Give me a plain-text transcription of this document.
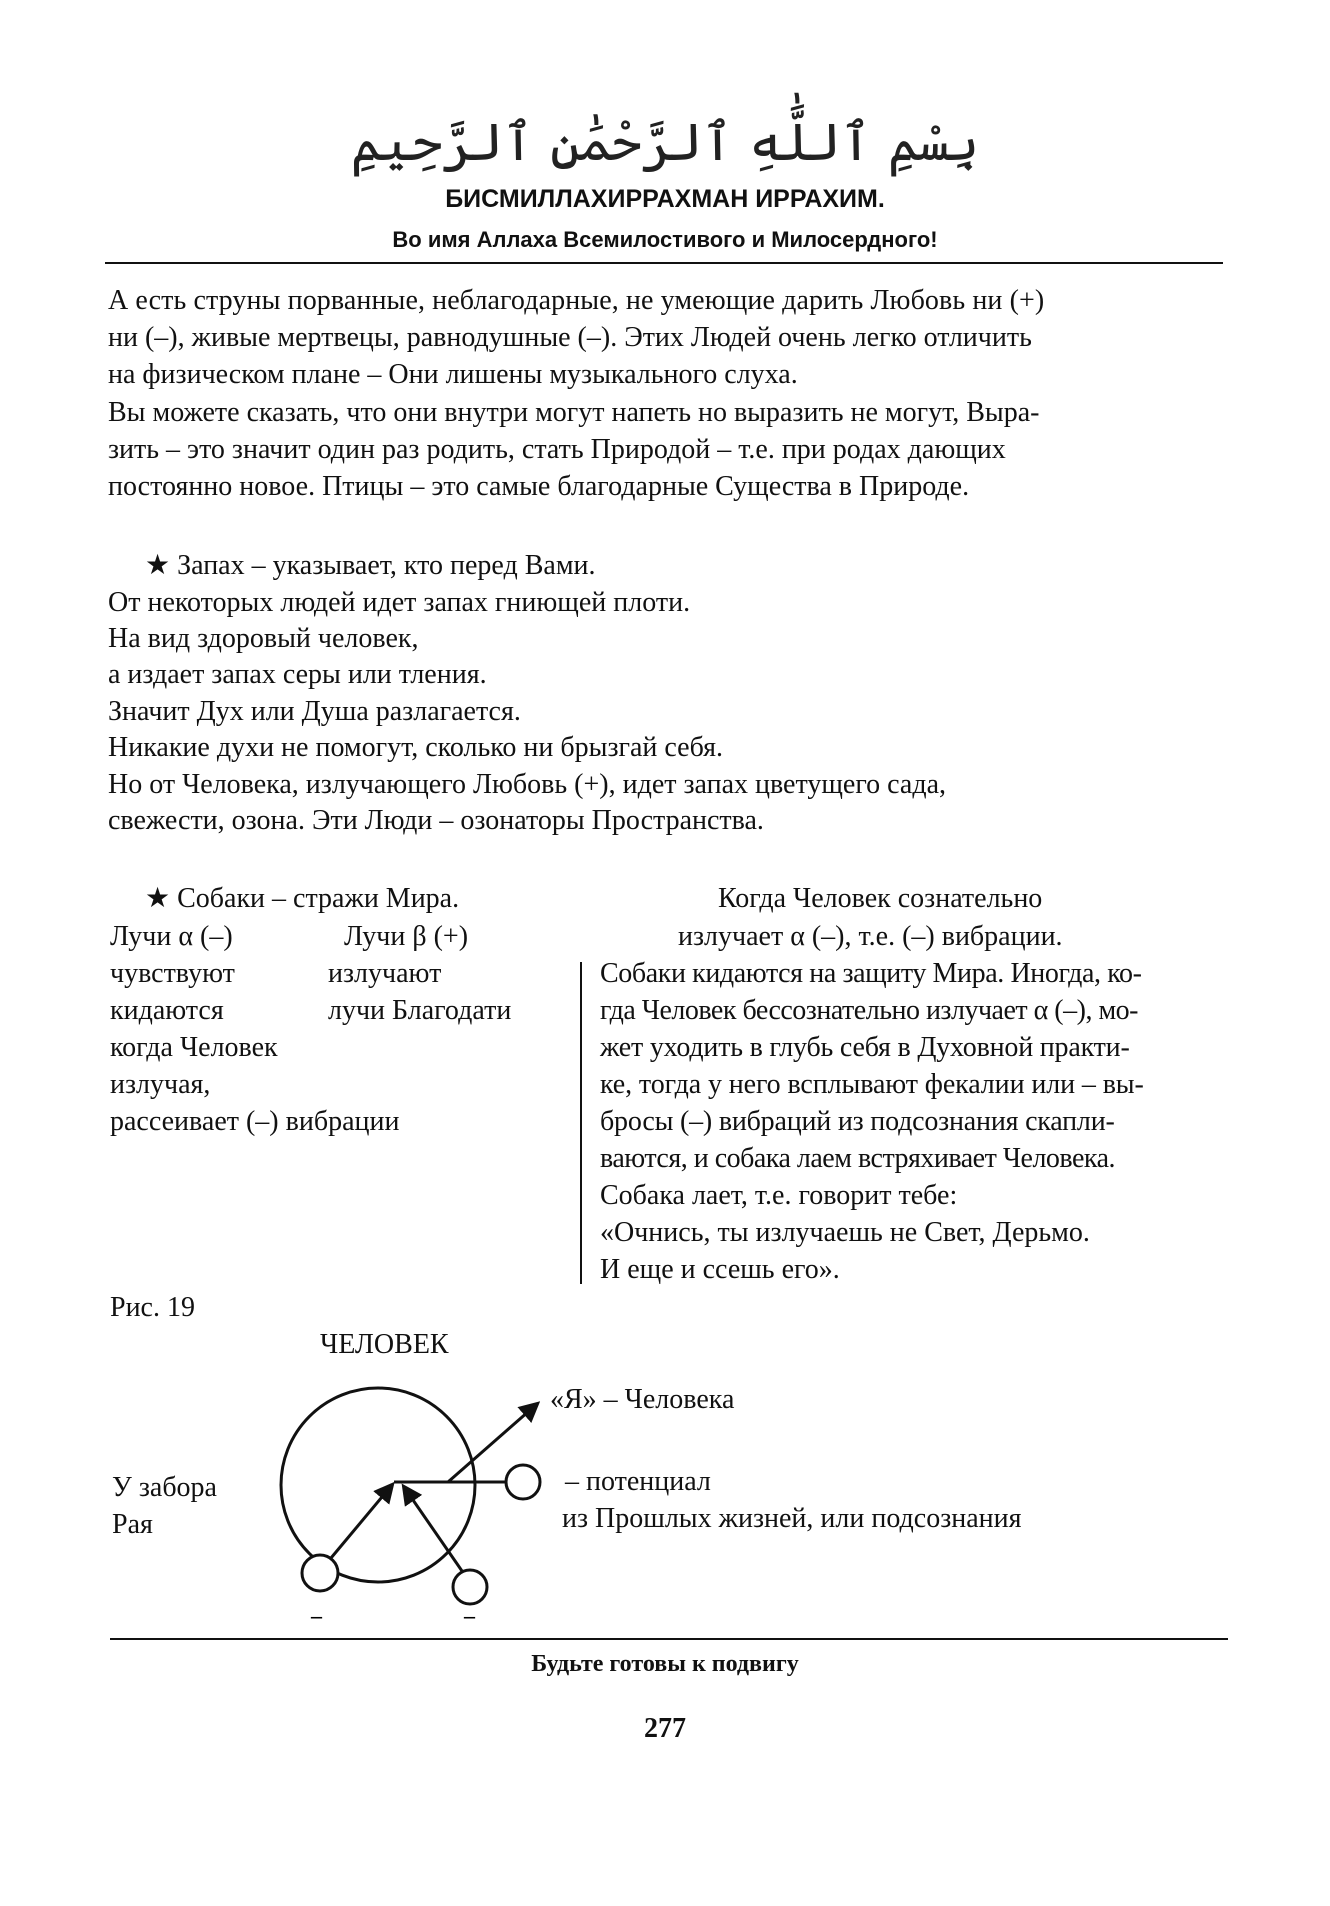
بِسْمِ ٱللَّٰهِ ٱلرَّحْمَٰنِ ٱلرَّحِيمِ
БИСМИЛЛАХИРРАХМАН ИРРАХИМ.
Во имя Аллаха Всемилостивого и Милосердного!
А есть струны порванные, неблагодарные, не умеющие дарить Любовь ни (+)
ни (–), живые мертвецы, равнодушные (–). Этих Людей очень легко отличить
на физическом плане – Они лишены музыкального слуха.
Вы можете сказать, что они внутри могут напеть но выразить не могут, Выра-
зить – это значит один раз родить, стать Природой – т.е. при родах дающих
постоянно новое. Птицы – это самые благодарные Существа в Природе.
★ Запах – указывает, кто перед Вами.
От некоторых людей идет запах гниющей плоти.
На вид здоровый человек,
а издает запах серы или тления.
Значит Дух или Душа разлагается.
Никакие духи не помогут, сколько ни брызгай себя.
Но от Человека, излучающего Любовь (+), идет запах цветущего сада,
свежести, озона. Эти Люди – озонаторы Пространства.
★ Собаки – стражи Мира.	Когда Человек сознательно
излучает α (–), т.е. (–) вибрации.
Лучи α (–)
чувствуют
кидаются
когда Человек
излучая,
рассеивает (–) вибрации
Лучи β (+)
излучают
лучи Благодати
Собаки кидаются на защиту Мира. Иногда, ко-
гда Человек бессознательно излучает α (–), мо-
жет уходить в глубь себя в Духовной практи-
ке, тогда у него всплывают фекалии или – вы-
бросы (–) вибраций из подсознания скапли-
ваются, и собака лаем встряхивает Человека.
Собака лает, т.е. говорит тебе:
«Очнись, ты излучаешь не Свет, Дерьмо.
И еще и ссешь его».
Рис. 19
ЧЕЛОВЕК
«Я» – Человека
У забора
Рая
– потенциал
из Прошлых жизней, или подсознания
–	–
Будьте готовы к подвигу
277
